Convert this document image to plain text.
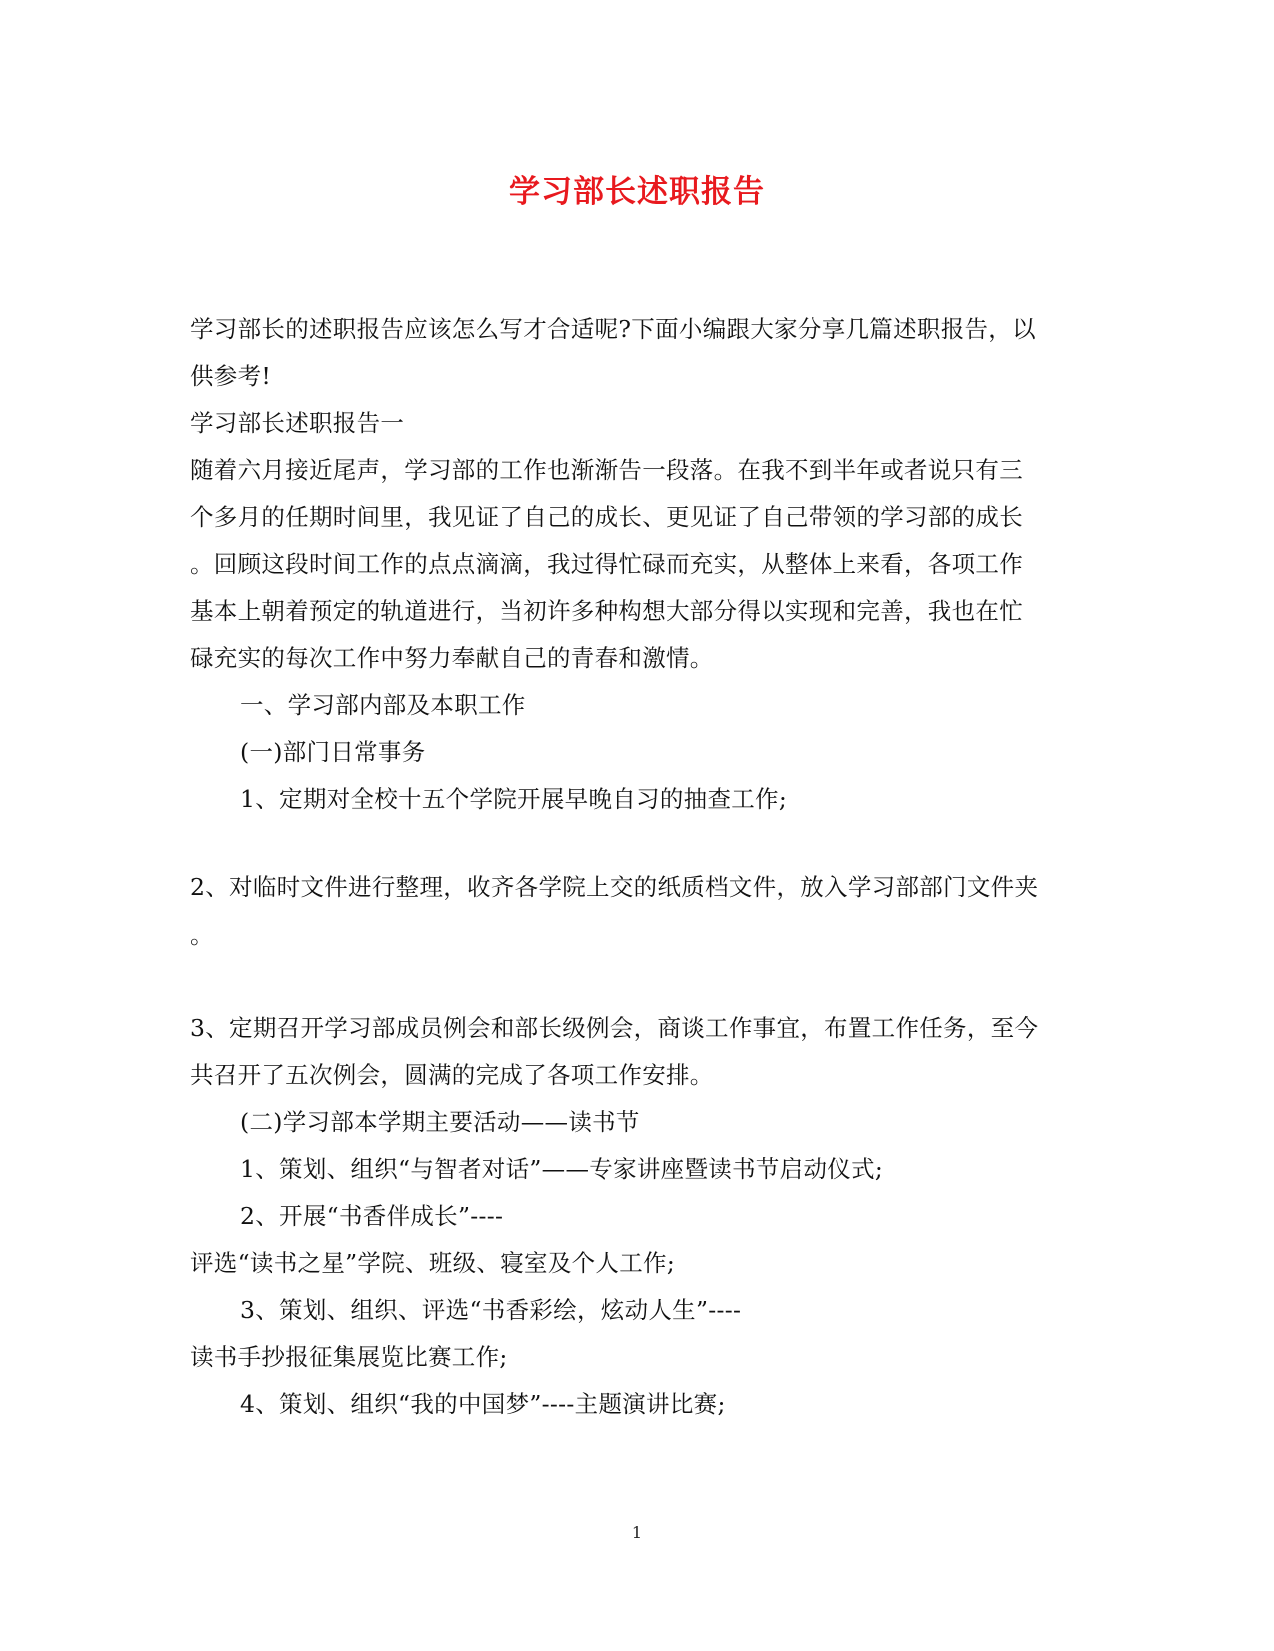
学习部长述职报告
学习部长的述职报告应该怎么写才合适呢?下面小编跟大家分享几篇述职报告，以
供参考!
学习部长述职报告一
随着六月接近尾声，学习部的工作也渐渐告一段落。在我不到半年或者说只有三
个多月的任期时间里，我见证了自己的成长、更见证了自己带领的学习部的成长
。回顾这段时间工作的点点滴滴，我过得忙碌而充实，从整体上来看，各项工作
基本上朝着预定的轨道进行，当初许多种构想大部分得以实现和完善，我也在忙
碌充实的每次工作中努力奉献自己的青春和激情。
一、学习部内部及本职工作
(一)部门日常事务
1、定期对全校十五个学院开展早晚自习的抽查工作;
2、对临时文件进行整理，收齐各学院上交的纸质档文件，放入学习部部门文件夹
。
3、定期召开学习部成员例会和部长级例会，商谈工作事宜，布置工作任务，至今
共召开了五次例会，圆满的完成了各项工作安排。
(二)学习部本学期主要活动——读书节
1、策划、组织“与智者对话”——专家讲座暨读书节启动仪式;
2、开展“书香伴成长”----
评选“读书之星”学院、班级、寝室及个人工作;
3、策划、组织、评选“书香彩绘，炫动人生”----
读书手抄报征集展览比赛工作;
4、策划、组织“我的中国梦”----主题演讲比赛;
1
